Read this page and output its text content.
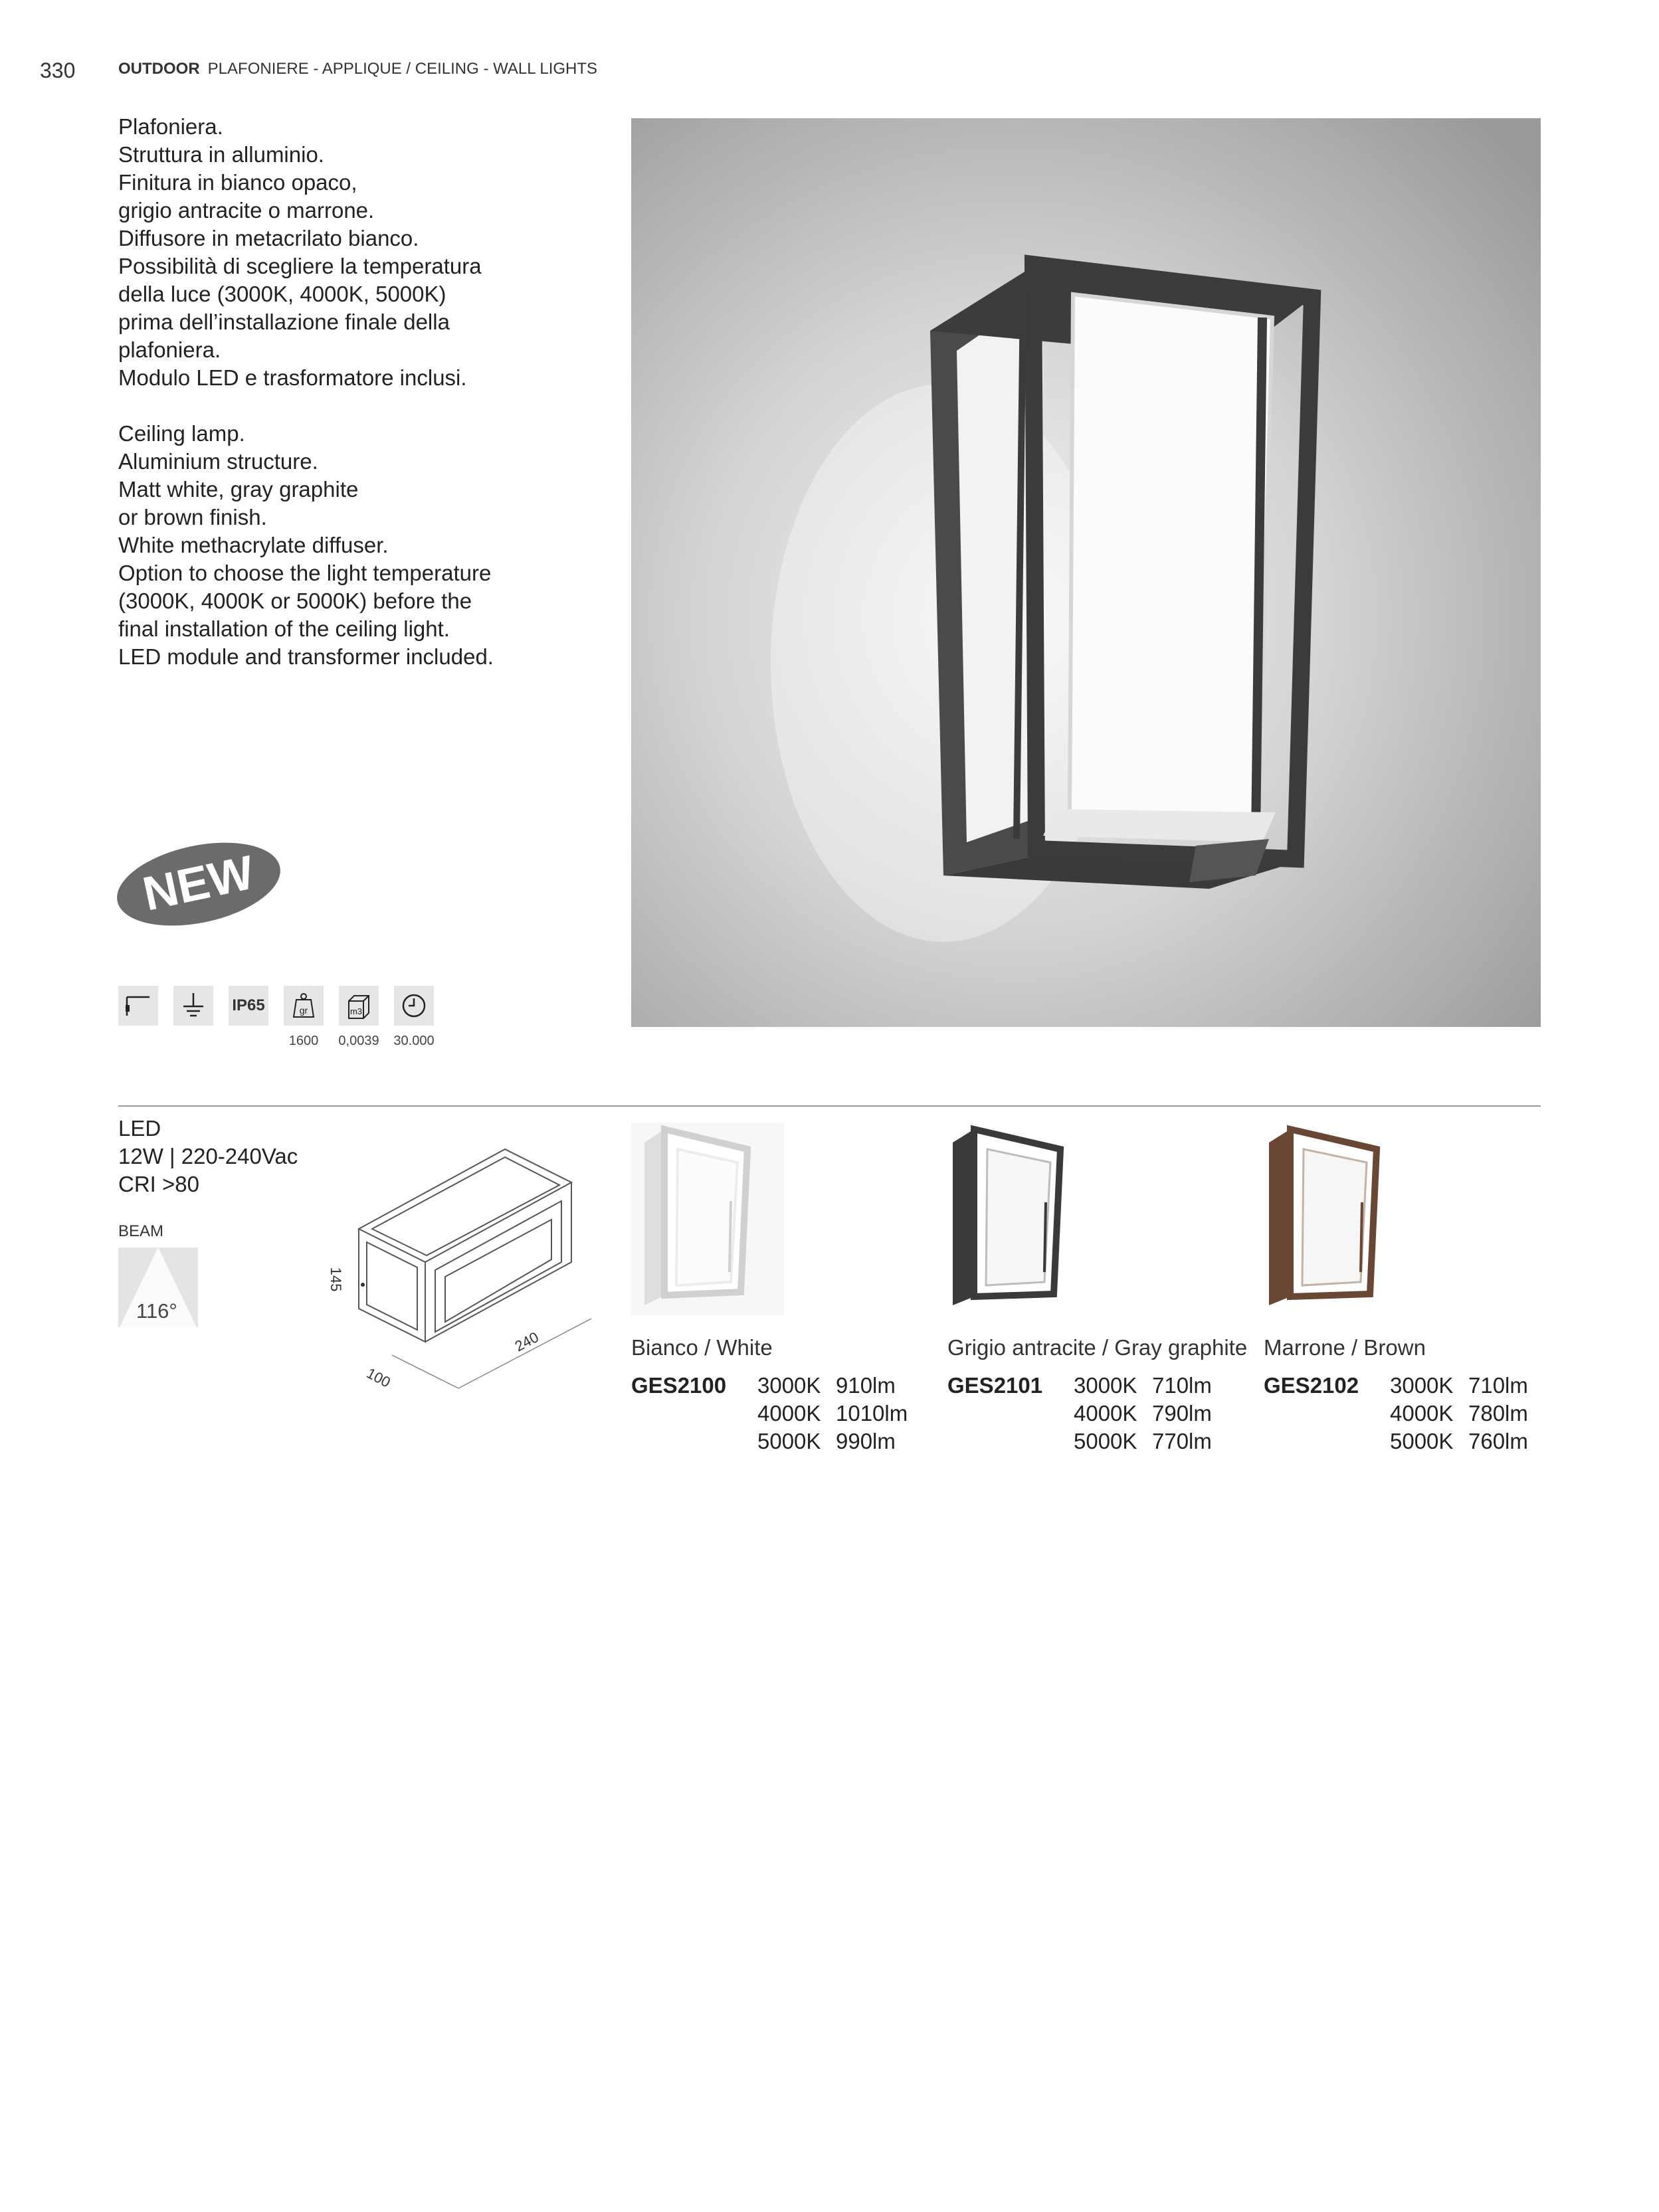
330	OUTDOOR PLAFONIERE - APPLIQUE / CEILING - WALL LIGHTS
Plafoniera.
Struttura in alluminio.
Finitura in bianco opaco,
grigio antracite o marrone.
Diffusore in metacrilato bianco.
Possibilità di scegliere la temperatura
della luce (3000K, 4000K, 5000K)
prima dell’installazione finale della
plafoniera.
Modulo LED e trasformatore inclusi.
Ceiling lamp.
Aluminium structure.
Matt white, gray graphite
or brown finish.
White methacrylate diffuser.
Option to choose the light temperature
(3000K, 4000K or 5000K) before the
final installation of the ceiling light.
LED module and transformer included.
NEW
IP65	gr	m3
1600	0,0039	30.000
LED
12W | 220-240Vac
CRI >80
BEAM
116°
145
240
100
Bianco / White
GES2100 3000K 910lm
4000K 1010lm
5000K 990lm
Grigio antracite / Gray graphite
GES2101 3000K 710lm
4000K 790lm
5000K 770lm
Marrone / Brown
GES2102 3000K 710lm
4000K 780lm
5000K 760lm
